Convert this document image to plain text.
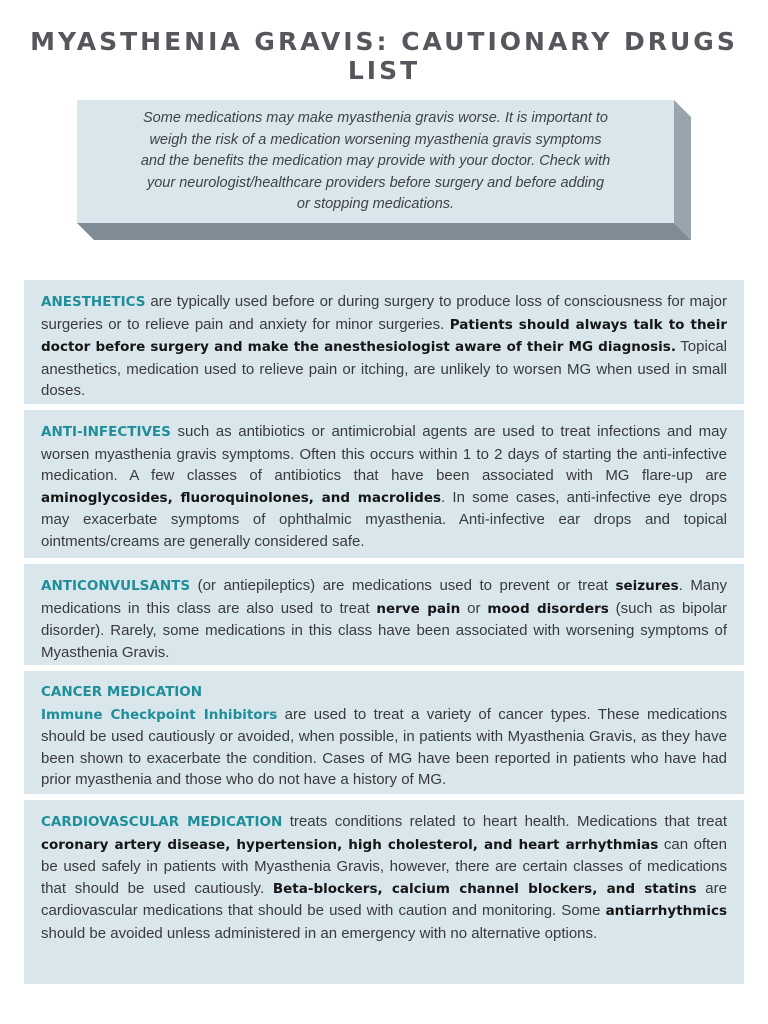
MYASTHENIA GRAVIS: CAUTIONARY DRUGS LIST
Some medications may make myasthenia gravis worse. It is important to weigh the risk of a medication worsening myasthenia gravis symptoms and the benefits the medication may provide with your doctor. Check with your neurologist/healthcare providers before surgery and before adding or stopping medications.

ANESTHETICS are typically used before or during surgery to produce loss of consciousness for major surgeries or to relieve pain and anxiety for minor surgeries. Patients should always talk to their doctor before surgery and make the anesthesiologist aware of their MG diagnosis. Topical anesthetics, medication used to relieve pain or itching, are unlikely to worsen MG when used in small doses.

ANTI-INFECTIVES such as antibiotics or antimicrobial agents are used to treat infections and may worsen myasthenia gravis symptoms. Often this occurs within 1 to 2 days of starting the anti-infective medication. A few classes of antibiotics that have been associated with MG flare-up are aminoglycosides, fluoroquinolones, and macrolides. In some cases, anti-infective eye drops may exacerbate symptoms of ophthalmic myasthenia. Anti-infective ear drops and topical ointments/creams are generally considered safe.

ANTICONVULSANTS (or antiepileptics) are medications used to prevent or treat seizures. Many medications in this class are also used to treat nerve pain or mood disorders (such as bipolar disorder). Rarely, some medications in this class have been associated with worsening symptoms of Myasthenia Gravis.

CANCER MEDICATION

Immune Checkpoint Inhibitors are used to treat a variety of cancer types. These medications should be used cautiously or avoided, when possible, in patients with Myasthenia Gravis, as they have been shown to exacerbate the condition. Cases of MG have been reported in patients who have had prior myasthenia and those who do not have a history of MG.

CARDIOVASCULAR MEDICATION treats conditions related to heart health. Medications that treat coronary artery disease, hypertension, high cholesterol, and heart arrhythmias can often be used safely in patients with Myasthenia Gravis, however, there are certain classes of medications that should be used cautiously. Beta-blockers, calcium channel blockers, and statins are cardiovascular medications that should be used with caution and monitoring. Some antiarrhythmics should be avoided unless administered in an emergency with no alternative options.
